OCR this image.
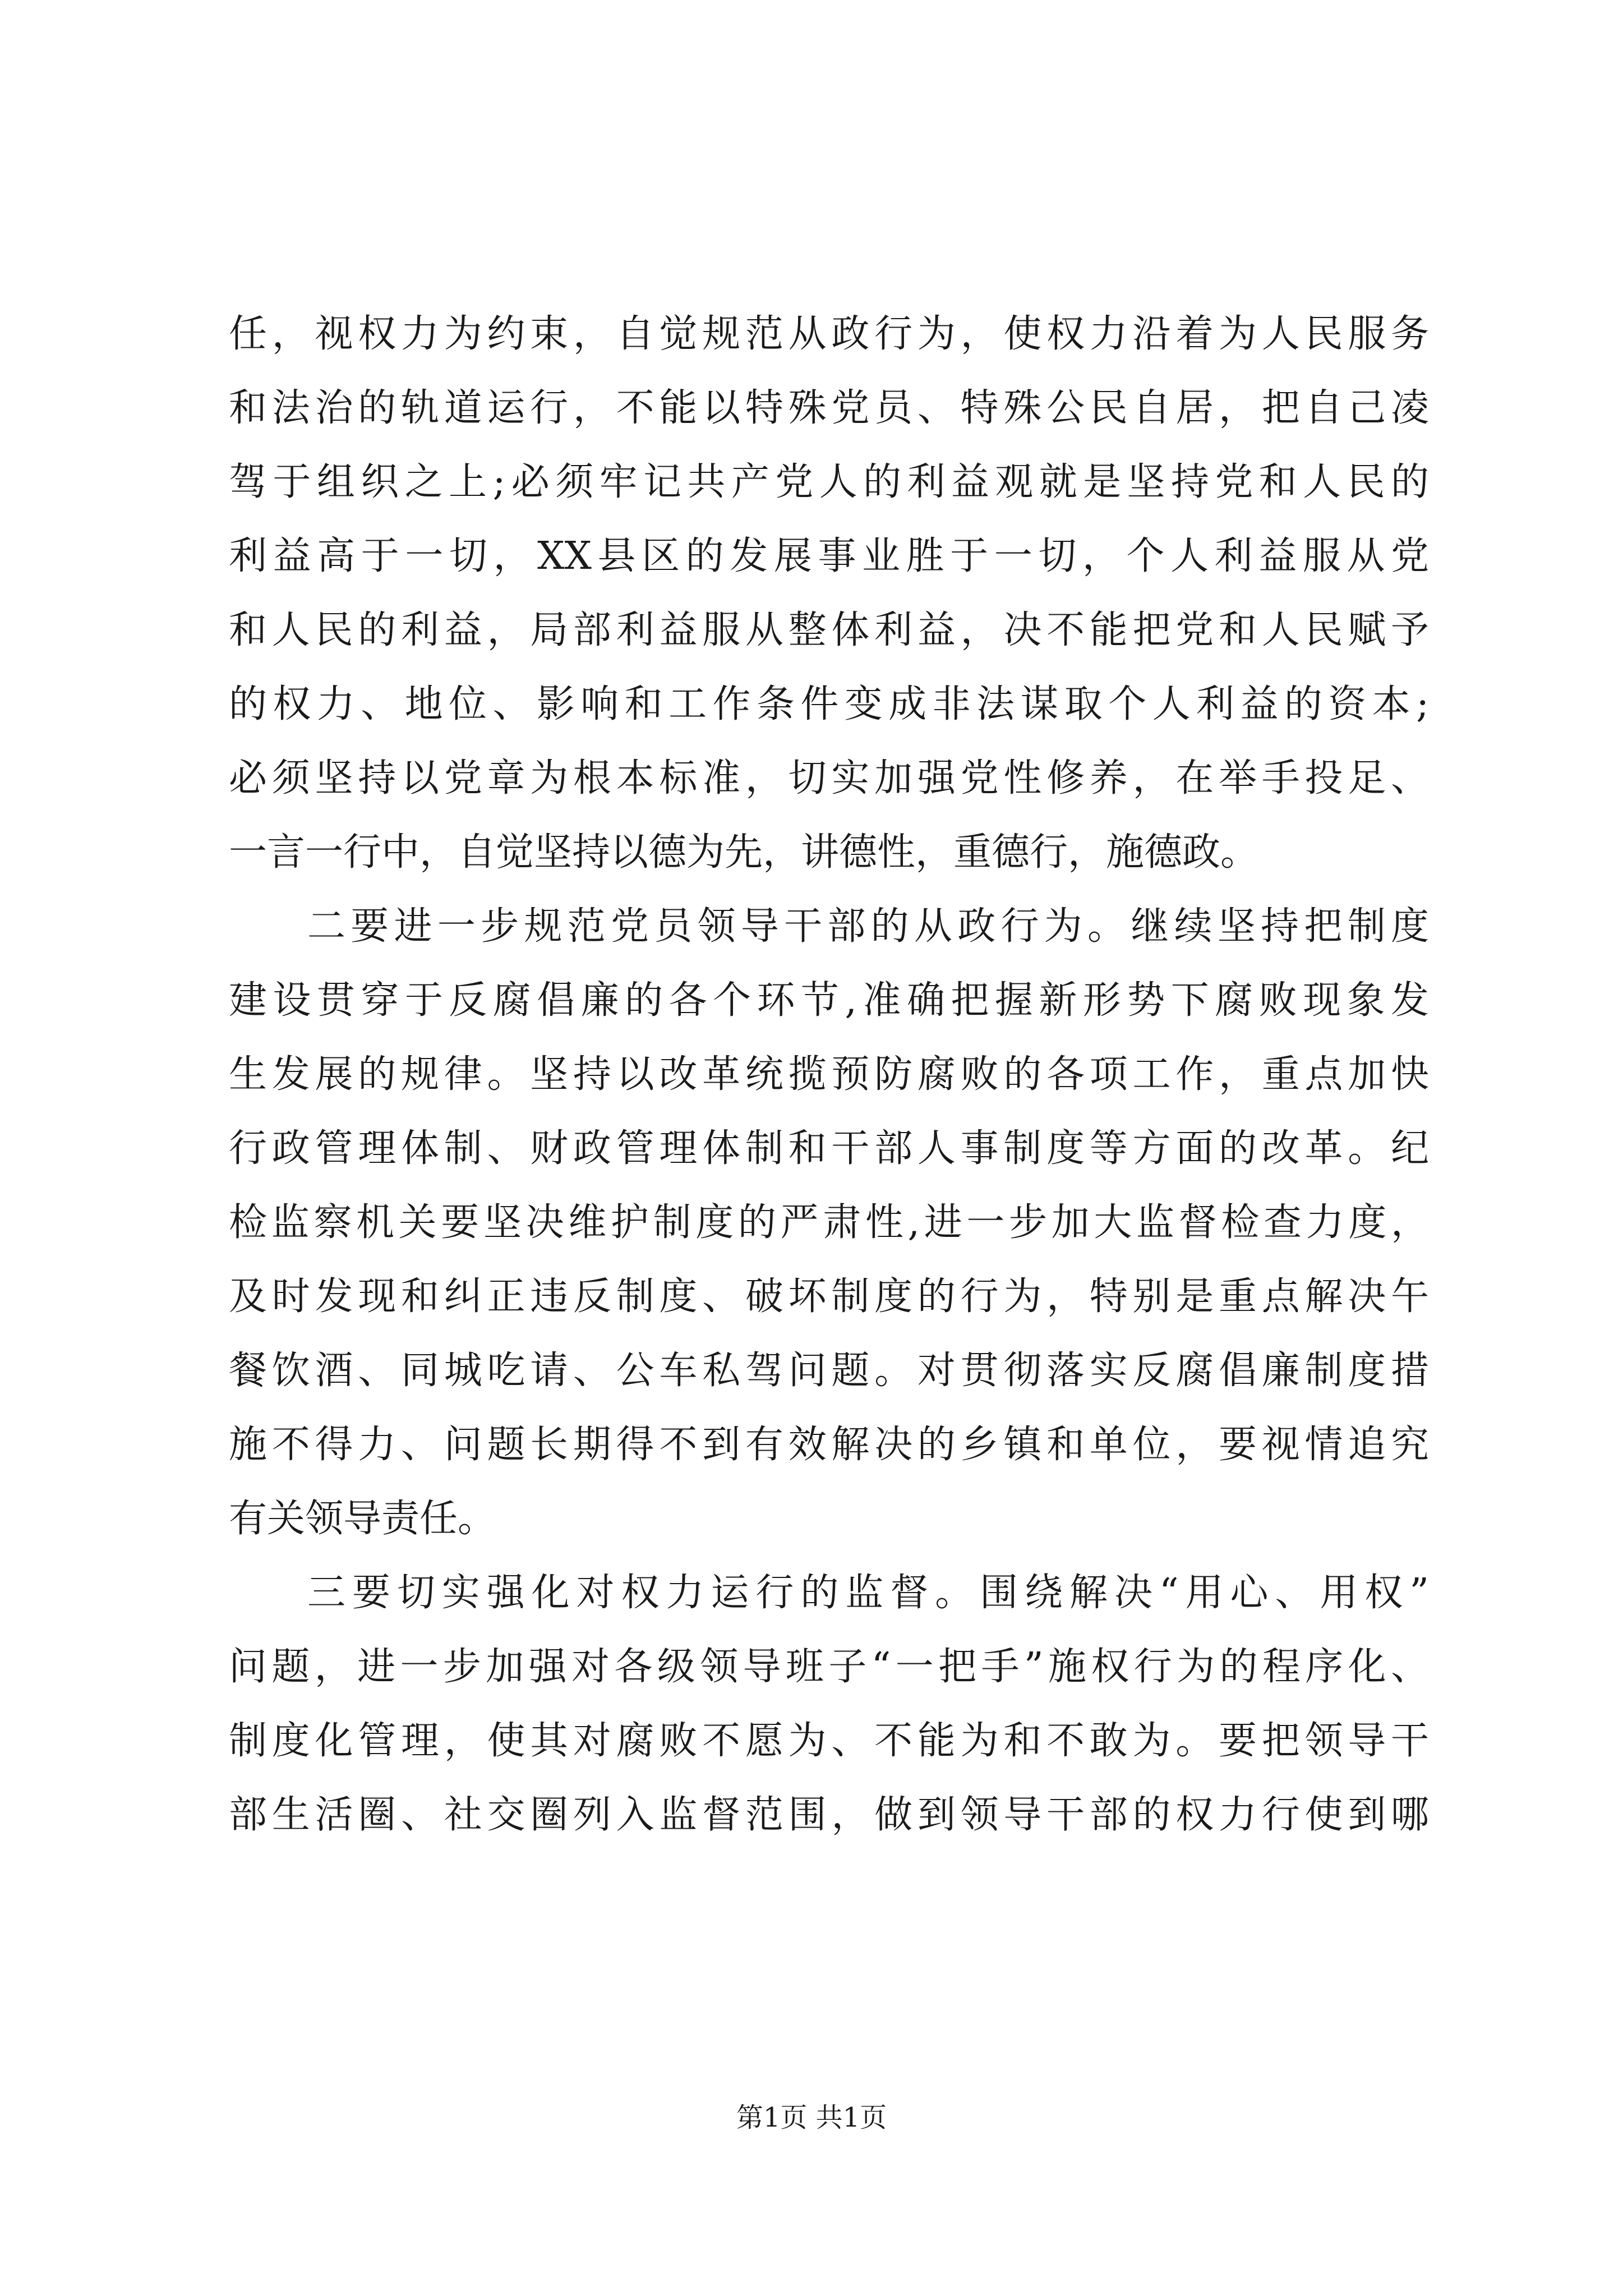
任，视权力为约束，自觉规范从政行为，使权力沿着为人民服务
和法治的轨道运行，不能以特殊党员、特殊公民自居，把自己凌
驾于组织之上;必须牢记共产党人的利益观就是坚持党和人民的
利益高于一切，XX县区的发展事业胜于一切，个人利益服从党
和人民的利益，局部利益服从整体利益，决不能把党和人民赋予
的权力、地位、影响和工作条件变成非法谋取个人利益的资本;
必须坚持以党章为根本标准，切实加强党性修养，在举手投足、
一言一行中，自觉坚持以德为先，讲德性，重德行，施德政。
二要进一步规范党员领导干部的从政行为。继续坚持把制度
建设贯穿于反腐倡廉的各个环节,准确把握新形势下腐败现象发
生发展的规律。坚持以改革统揽预防腐败的各项工作，重点加快
行政管理体制、财政管理体制和干部人事制度等方面的改革。纪
检监察机关要坚决维护制度的严肃性,进一步加大监督检查力度，
及时发现和纠正违反制度、破坏制度的行为，特别是重点解决午
餐饮酒、同城吃请、公车私驾问题。对贯彻落实反腐倡廉制度措
施不得力、问题长期得不到有效解决的乡镇和单位，要视情追究
有关领导责任。
三要切实强化对权力运行的监督。围绕解决“用心、用权”
问题，进一步加强对各级领导班子“一把手”施权行为的程序化、
制度化管理，使其对腐败不愿为、不能为和不敢为。要把领导干
部生活圈、社交圈列入监督范围，做到领导干部的权力行使到哪
第1页 共1页
